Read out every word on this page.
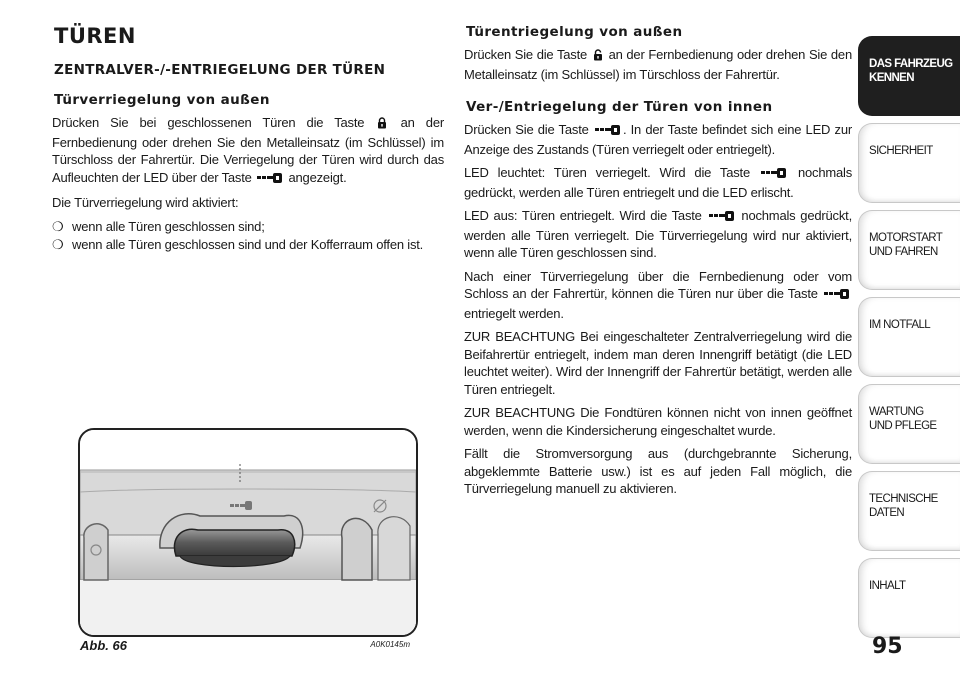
TÜREN
ZENTRALVER-/-ENTRIEGELUNG DER TÜREN
Türverriegelung von außen

Drücken Sie bei geschlossenen Türen die Taste	an der Fernbedienung oder drehen Sie den Metalleinsatz (im Schlüssel) im Türschloss der Fahrertür. Die Verriegelung der Türen wird durch das Aufleuchten der LED über der Taste	angezeigt.

Die Türverriegelung wird aktiviert:

❍ wenn alle Türen geschlossen sind;
❍ wenn alle Türen geschlossen sind und der Kofferraum offen ist.
Abb. 66	A0K0145m
Türentriegelung von außen

Drücken Sie die Taste an der Fernbedienung oder drehen Sie den Metalleinsatz (im Schlüssel) im Türschloss der Fahrertür.

Ver-/Entriegelung der Türen von innen

Drücken Sie die Taste	. In der Taste befindet sich eine LED zur Anzeige des Zustands (Türen verriegelt oder entriegelt).

LED leuchtet: Türen verriegelt. Wird die Taste	nochmals gedrückt, werden alle Türen entriegelt und die LED erlischt.

LED aus: Türen entriegelt. Wird die Taste	nochmals gedrückt, werden alle Türen verriegelt. Die Türverriegelung wird nur aktiviert, wenn alle Türen geschlossen sind.

Nach einer Türverriegelung über die Fernbedienung oder vom Schloss an der Fahrertür, können die Türen nur über die Taste  entriegelt werden.

ZUR BEACHTUNG Bei eingeschalteter Zentralverriegelung wird die Beifahrertür entriegelt, indem man deren Innengriff betätigt (die LED leuchtet weiter). Wird der Innengriff der Fahrertür betätigt, werden alle Türen entriegelt.

ZUR BEACHTUNG Die Fondtüren können nicht von innen geöffnet werden, wenn die Kindersicherung eingeschaltet wurde.

Fällt die Stromversorgung aus (durchgebrannte Sicherung, abgeklemmte Batterie usw.) ist es auf jeden Fall möglich, die Türverriegelung manuell zu aktivieren.

DAS FAHRZEUG
KENNEN
SICHERHEIT
MOTORSTART
UND FAHREN
IM NOTFALL
WARTUNG
UND PFLEGE
TECHNISCHE
DATEN
INHALT
95
